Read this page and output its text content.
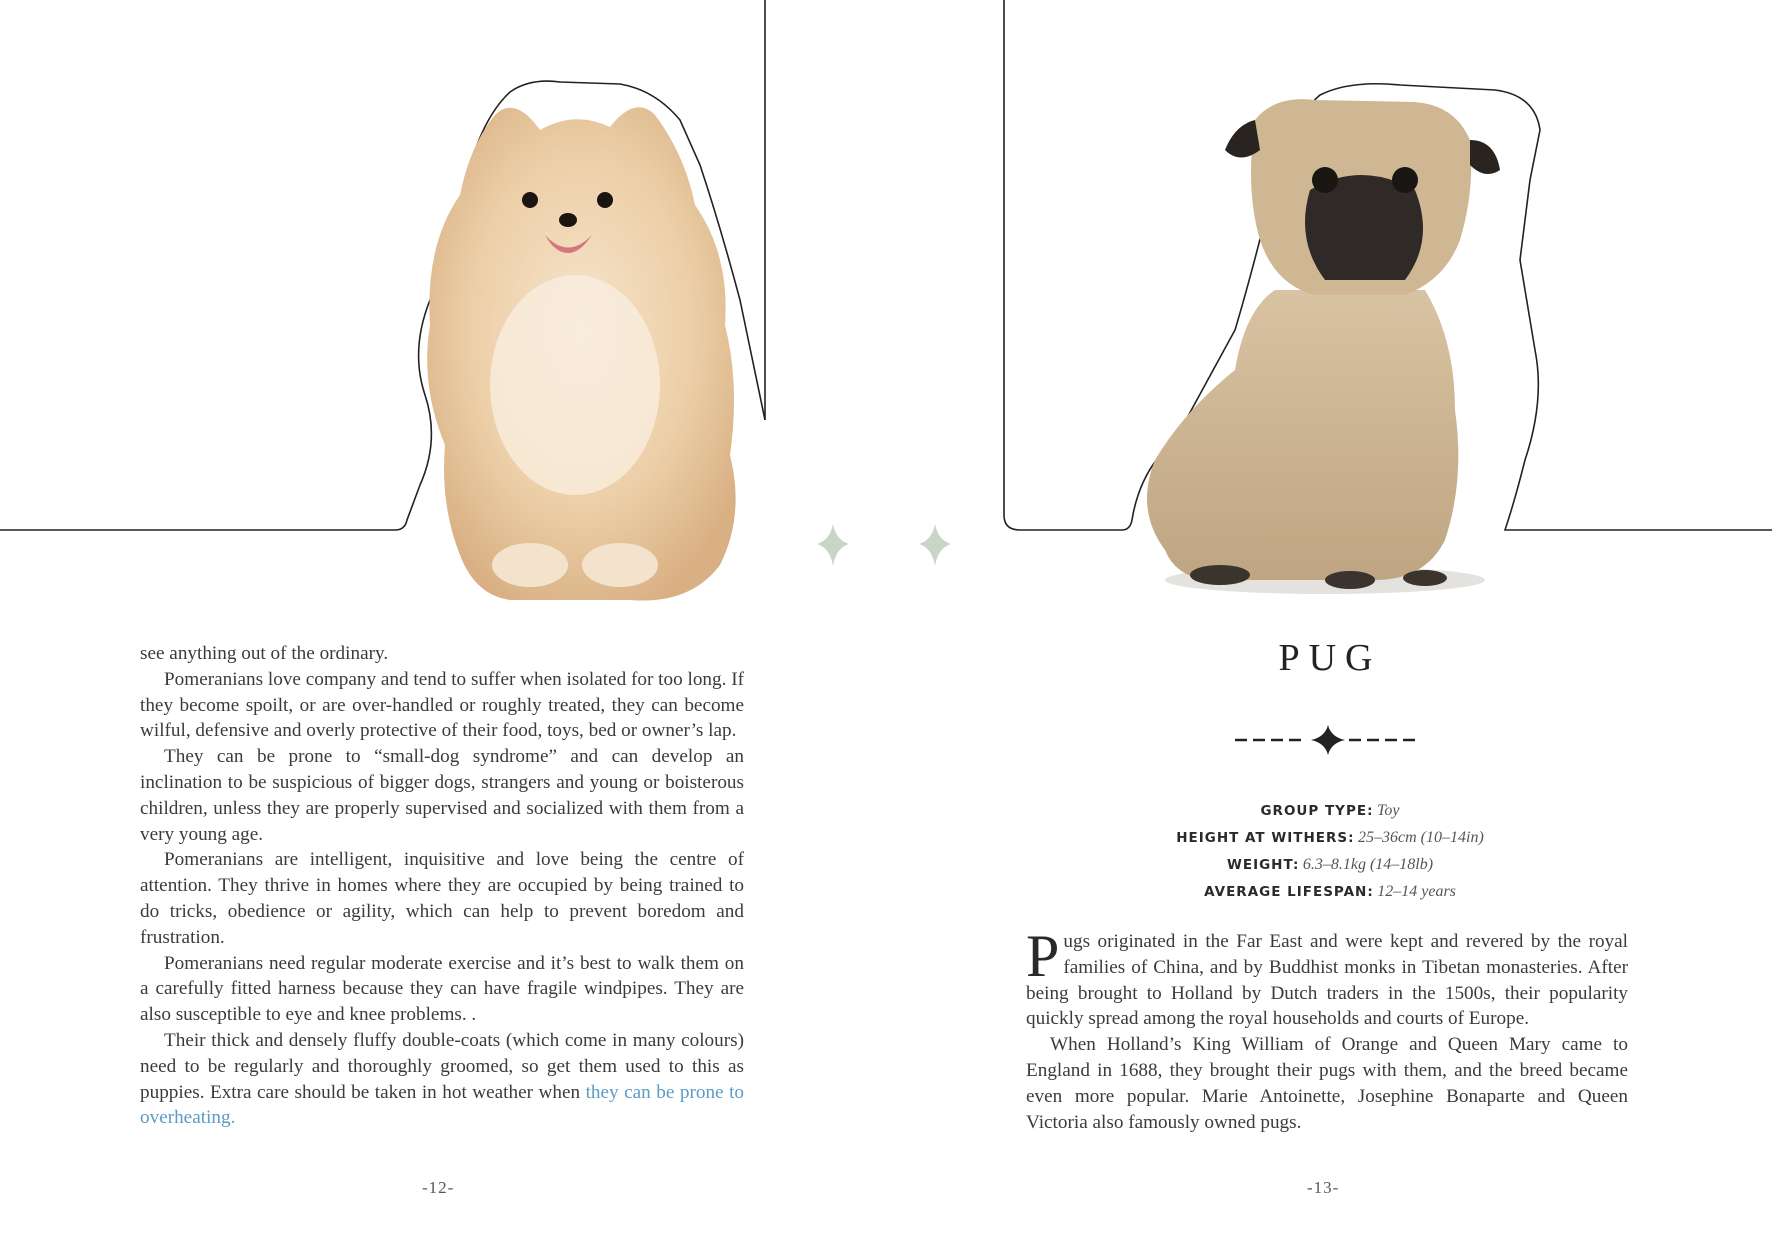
see anything out of the ordinary.

Pomeranians love company and tend to suffer when isolated for too long. If they become spoilt, or are over-handled or roughly treated, they can become wilful, defensive and overly protective of their food, toys, bed or owner’s lap.

They can be prone to “small-dog syndrome” and can develop an inclination to be suspicious of bigger dogs, strangers and young or boisterous children, unless they are properly supervised and socialized with them from a very young age.

Pomeranians are intelligent, inquisitive and love being the centre of attention. They thrive in homes where they are occupied by being trained to do tricks, obedience or agility, which can help to prevent boredom and frustration.

Pomeranians need regular moderate exercise and it’s best to walk them on a carefully fitted harness because they can have fragile windpipes. They are also susceptible to eye and knee problems. .

Their thick and densely fluffy double-coats (which come in many colours) need to be regularly and thoroughly groomed, so get them used to this as puppies. Extra care should be taken in hot weather when they can be prone to overheating.

-12-
PUG
GROUP TYPE: Toy
HEIGHT AT WITHERS: 25–36cm (10–14in)
WEIGHT: 6.3–8.1kg (14–18lb)
AVERAGE LIFESPAN: 12–14 years

Pugs originated in the Far East and were kept and revered by the royal families of China, and by Buddhist monks in Tibetan monasteries. After being brought to Holland by Dutch traders in the 1500s, their popularity quickly spread among the royal households and courts of Europe.

When Holland’s King William of Orange and Queen Mary came to England in 1688, they brought their pugs with them, and the breed became even more popular. Marie Antoinette, Josephine Bonaparte and Queen Victoria also famously owned pugs.

-13-
